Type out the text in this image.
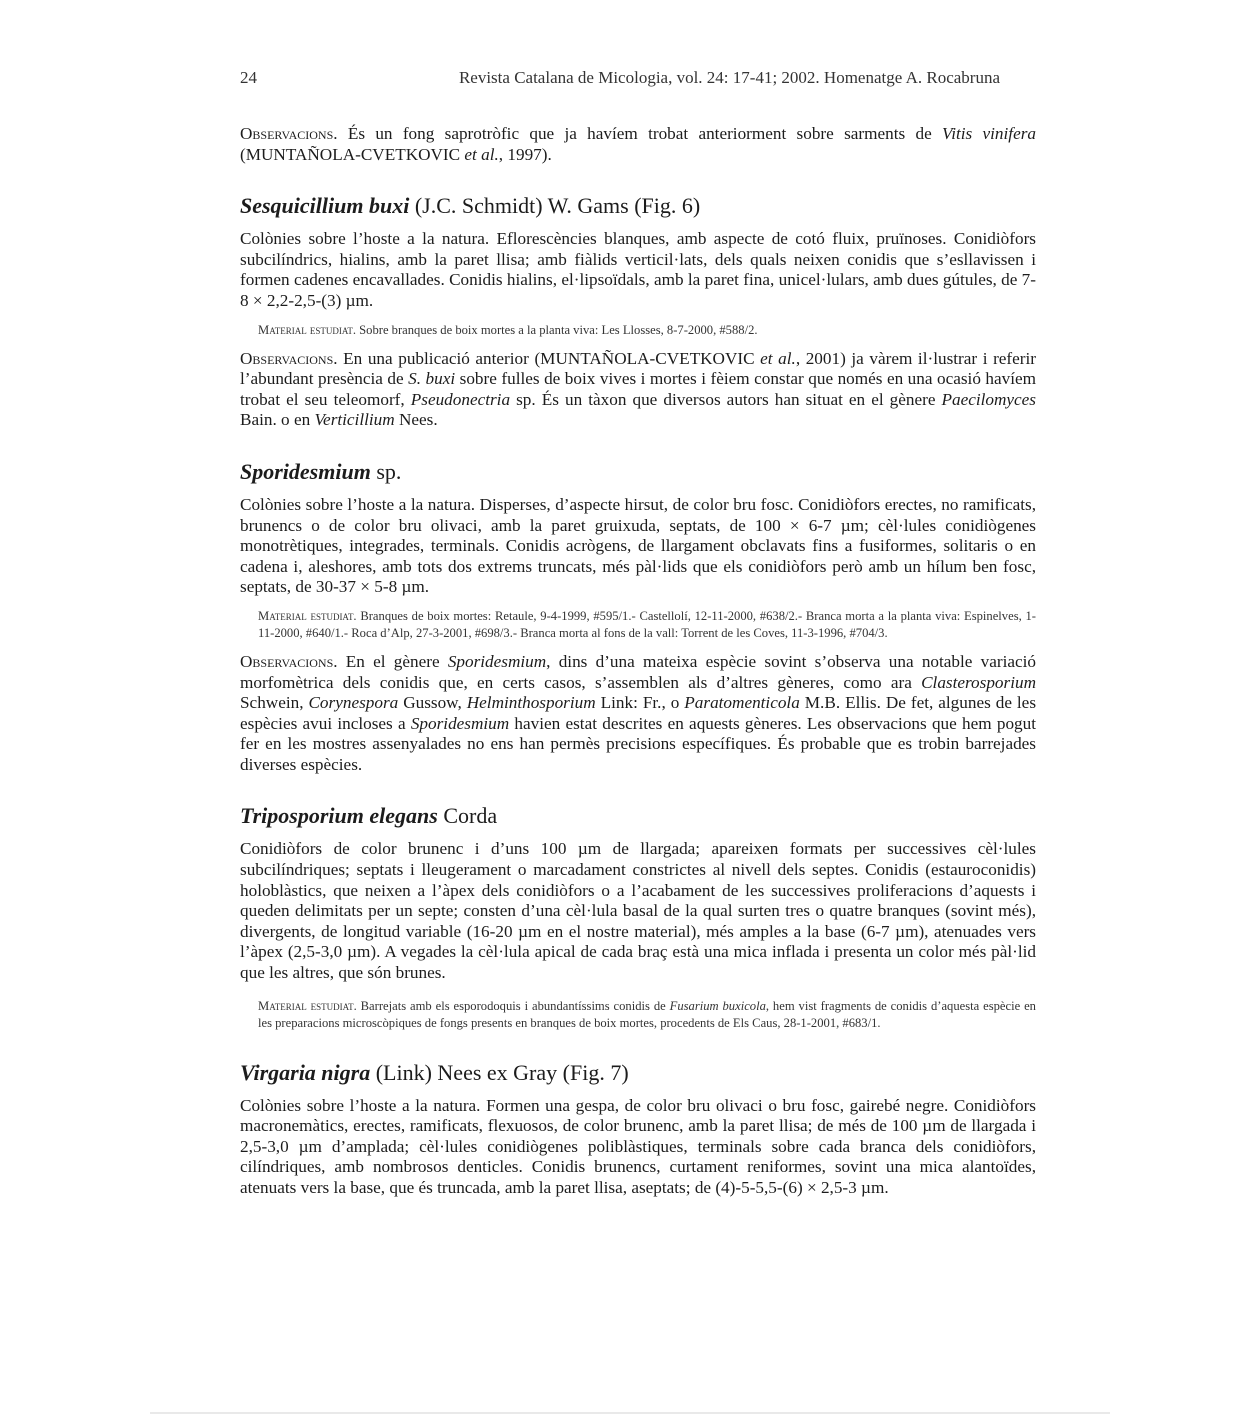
24	Revista Catalana de Micologia, vol. 24: 17-41; 2002. Homenatge A. Rocabruna

Observacions. És un fong saprotròfic que ja havíem trobat anteriorment sobre sarments de Vitis vinifera (MUNTAÑOLA-CVETKOVIC et al., 1997).

Sesquicillium buxi (J.C. Schmidt) W. Gams (Fig. 6)

Colònies sobre l’hoste a la natura. Eflorescències blanques, amb aspecte de cotó fluix, pruïnoses. Conidiòfors subcilíndrics, hialins, amb la paret llisa; amb fiàlids verticil·lats, dels quals neixen conidis que s’esllavissen i formen cadenes encavallades. Conidis hialins, el·lipsoïdals, amb la paret fina, unicel·lulars, amb dues gútules, de 7-8 × 2,2-2,5-(3) µm.

Material estudiat. Sobre branques de boix mortes a la planta viva: Les Llosses, 8-7-2000, #588/2.

Observacions. En una publicació anterior (MUNTAÑOLA-CVETKOVIC et al., 2001) ja vàrem il·lustrar i referir l’abundant presència de S. buxi sobre fulles de boix vives i mortes i fèiem constar que només en una ocasió havíem trobat el seu teleomorf, Pseudonectria sp. És un tàxon que diversos autors han situat en el gènere Paecilomyces Bain. o en Verticillium Nees.

Sporidesmium sp.

Colònies sobre l’hoste a la natura. Disperses, d’aspecte hirsut, de color bru fosc. Conidiòfors erectes, no ramificats, brunencs o de color bru olivaci, amb la paret gruixuda, septats, de 100 × 6-7 µm; cèl·lules conidiògenes monotrètiques, integrades, terminals. Conidis acrògens, de llargament obclavats fins a fusiformes, solitaris o en cadena i, aleshores, amb tots dos extrems truncats, més pàl·lids que els conidiòfors però amb un hílum ben fosc, septats, de 30-37 × 5-8 µm.

Material estudiat. Branques de boix mortes: Retaule, 9-4-1999, #595/1.- Castellolí, 12-11-2000, #638/2.- Branca morta a la planta viva: Espinelves, 1-11-2000, #640/1.- Roca d’Alp, 27-3-2001, #698/3.- Branca morta al fons de la vall: Torrent de les Coves, 11-3-1996, #704/3.

Observacions. En el gènere Sporidesmium, dins d’una mateixa espècie sovint s’observa una notable variació morfomètrica dels conidis que, en certs casos, s’assemblen als d’altres gèneres, como ara Clasterosporium Schwein, Corynespora Gussow, Helminthosporium Link: Fr., o Paratomenticola M.B. Ellis. De fet, algunes de les espècies avui incloses a Sporidesmium havien estat descrites en aquests gèneres. Les observacions que hem pogut fer en les mostres assenyalades no ens han permès precisions específiques. És probable que es trobin barrejades diverses espècies.

Triposporium elegans Corda

Conidiòfors de color brunenc i d’uns 100 µm de llargada; apareixen formats per successives cèl·lules subcilíndriques; septats i lleugerament o marcadament constrictes al nivell dels septes. Conidis (estauroconidis) holoblàstics, que neixen a l’àpex dels conidiòfors o a l’acabament de les successives proliferacions d’aquests i queden delimitats per un septe; consten d’una cèl·lula basal de la qual surten tres o quatre branques (sovint més), divergents, de longitud variable (16-20 µm en el nostre material), més amples a la base (6-7 µm), atenuades vers l’àpex (2,5-3,0 µm). A vegades la cèl·lula apical de cada braç està una mica inflada i presenta un color més pàl·lid que les altres, que són brunes.

Material estudiat. Barrejats amb els esporodoquis i abundantíssims conidis de Fusarium buxicola, hem vist fragments de conidis d’aquesta espècie en les preparacions microscòpiques de fongs presents en branques de boix mortes, procedents de Els Caus, 28-1-2001, #683/1.

Virgaria nigra (Link) Nees ex Gray (Fig. 7)

Colònies sobre l’hoste a la natura. Formen una gespa, de color bru olivaci o bru fosc, gairebé negre. Conidiòfors macronemàtics, erectes, ramificats, flexuosos, de color brunenc, amb la paret llisa; de més de 100 µm de llargada i 2,5-3,0 µm d’amplada; cèl·lules conidiògenes poliblàstiques, terminals sobre cada branca dels conidiòfors, cilíndriques, amb nombrosos denticles. Conidis brunencs, curtament reniformes, sovint una mica alantoïdes, atenuats vers la base, que és truncada, amb la paret llisa, aseptats; de (4)-5-5,5-(6) × 2,5-3 µm.
